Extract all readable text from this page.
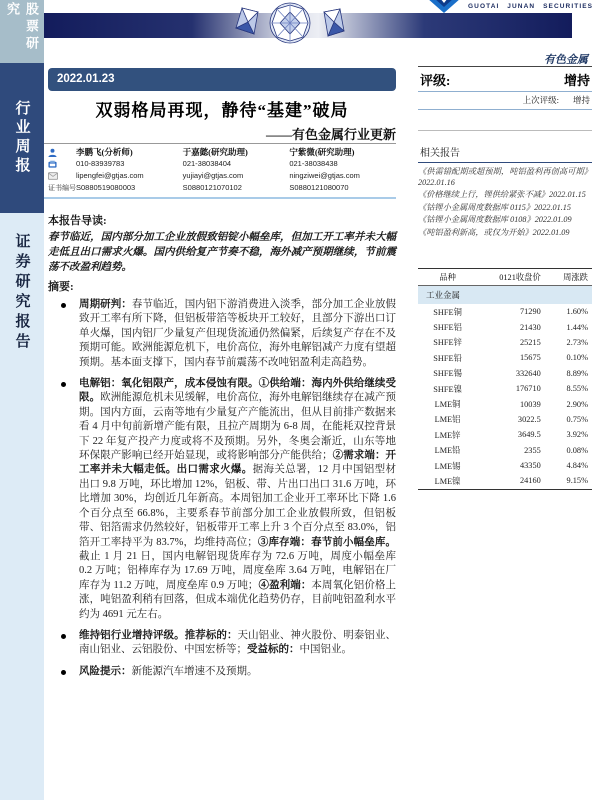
股票研究
行业周报
证券研究报告
GUOTAI JUNAN SECURITIES
有色金属
2022.01.23
双弱格局再现，静待“基建”破局
——有色金属行业更新
证书编号
李鹏飞(分析师)
010-83939783
lipengfei@gtjas.com
S0880519080003
于嘉懿(研究助理)
021-38038404
yujiayi@gtjas.com
S0880121070102
宁紫微(研究助理)
021-38038438
ningziwei@gtjas.com
S0880121080070
本报告导读:
春节临近，国内部分加工企业放假致铝锭小幅垒库，但加工开工率并未大幅走低且出口需求火爆。国内供给复产节奏不稳，海外减产预期继续，节前震荡不改盈利趋势。
摘要:

周期研判：春节临近，国内铝下游消费进入淡季，部分加工企业放假致开工率有所下降，但铝板带箔等板块开工较好，且部分下游出口订单火爆，国内铝厂少量复产但现货流通仍然偏紧，后续复产存在不及预期可能。欧洲能源危机下，电价高位，海外电解铝减产力度有望超预期。基本面支撑下，国内春节前震荡不改吨铝盈利走高趋势。

电解铝：氧化铝限产，成本侵蚀有限。①供给端：海内外供给继续受限。欧洲能源危机未见缓解，电价高位，海外电解铝继续存在减产预期。国内方面，云南等地有少量复产产能流出，但从目前排产数据来看 4 月中旬前新增产能有限，且拉产周期为 6-8 周，在能耗双控背景下 22 年复产投产力度或将不及预期。另外，冬奥会渐近，山东等地环保限产影响已经开始显现，或将影响部分产能供给；②需求端：开工率并未大幅走低。出口需求火爆。据海关总署，12 月中国铝型材出口 9.8 万吨，环比增加 12%，铝板、带、片出口出口 31.6 万吨，环比增加 30%，均创近几年新高。本周铝加工企业开工率环比下降 1.6 个百分点至 66.8%，主要系春节前部分加工企业放假所致，但铝板带、铝箔需求仍然较好，铝板带开工率上升 3 个百分点至 83.0%，铝箔开工率持平为 83.7%，均维持高位；③库存端：春节前小幅垒库。截止 1 月 21 日，国内电解铝现货库存为 72.6 万吨，周度小幅垒库 0.2 万吨；铝棒库存为 17.69 万吨，周度垒库 3.64 万吨，电解铝在厂库存为 11.2 万吨，周度垒库 0.9 万吨；④盈利端：本周氧化铝价格上涨，吨铝盈利稍有回落，但成本端优化趋势仍存，目前吨铝盈利水平约为 4691 元左右。

维持铝行业增持评级。推荐标的：天山铝业、神火股份、明泰铝业、南山铝业、云铝股份、中国宏桥等；受益标的：中国铝业。

风险提示：新能源汽车增速不及预期。

评级:	增持
上次评级: 增持
相关报告
《供需错配期或超预期，吨铝盈利再创高可期》2022.01.16
《价格继续上行，锂供给紧张不减》2022.01.15
《钴锂小金属周度数据库 0115》2022.01.15
《钴锂小金属周度数据库 0108》2022.01.09
《吨铝盈利新高，或仅为开始》2022.01.09
品种	0121收盘价	周涨跌
工业金属
SHFE铜	71290	1.60%
SHFE铝	21430	1.44%
SHFE锌	25215	2.73%
SHFE铅	15675	0.10%
SHFE锡	332640	8.89%
SHFE镍	176710	8.55%
LME铜	10039	2.90%
LME铝	3022.5	0.75%
LME锌	3649.5	3.92%
LME铅	2355	0.08%
LME锡	43350	4.84%
LME镍	24160	9.15%
